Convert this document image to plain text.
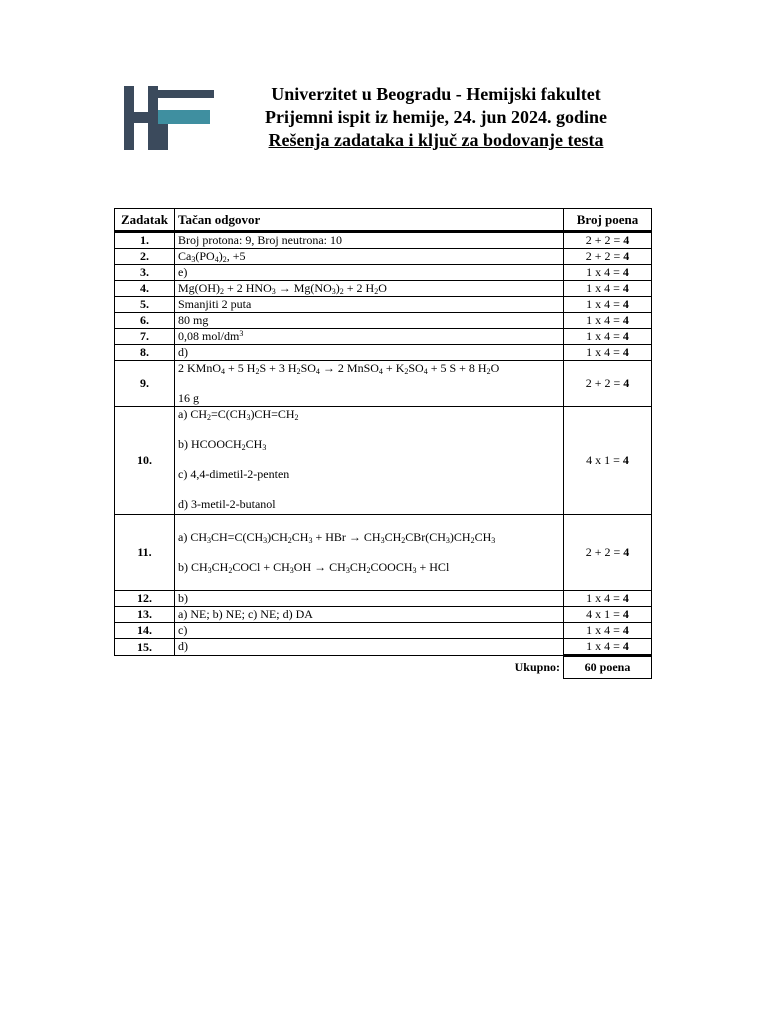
Univerzitet u Beogradu - Hemijski fakultet
Prijemni ispit iz hemije, 24. jun 2024. godine
Rešenja zadataka i ključ za bodovanje testa
Zadatak	Tačan odgovor	Broj poena
1.	Broj protona: 9, Broj neutrona: 10	2 + 2 = 4
2.	$Ca_3(PO_4)_2$, +5	2 + 2 = 4
3.	e)	1 x 4 = 4
4.	$Mg(OH)_2 + 2$ $HNO_3 \to Mg(NO_3)_2 + 2$ $H_2O$	1 x 4 = 4
5.	Smanjiti 2 puta	1 x 4 = 4
6.	80 mg	1 x 4 = 4
7.	0,08 mol/$dm^3$	1 x 4 = 4
8.	d)	1 x 4 = 4
9.	2 KMnO$_4$ + 5 $H_2S + 3$ $H_2SO_4 \to 2$ MnSO$_4$ + $K_2SO_4 + 5$ S + 8 $H_2O$
16 g	2 + 2 = 4
10.	a) $CH_2=C(CH_3)CH=CH_2$
b) $HCOOCH_2CH_3$
c) 4,4-dimetil-2-penten
d) 3-metil-2-butanol	4 x 1 = 4
11.	a) $CH_3CH=C(CH_3)CH_2CH_3$ + HBr → $CH_3CH_2CBr(CH_3)CH_2CH_3$
b) $CH_3CH_2COCl + CH_3OH$ → $CH_3CH_2COOCH_3$ + HCl	2 + 2 = 4
12.	b)	1 x 4 = 4
13.	a) NE; b) NE; c) NE; d) DA	4 x 1 = 4
14.	c)	1 x 4 = 4
15.	d)	1 x 4 = 4
	Ukupno:	60 poena
